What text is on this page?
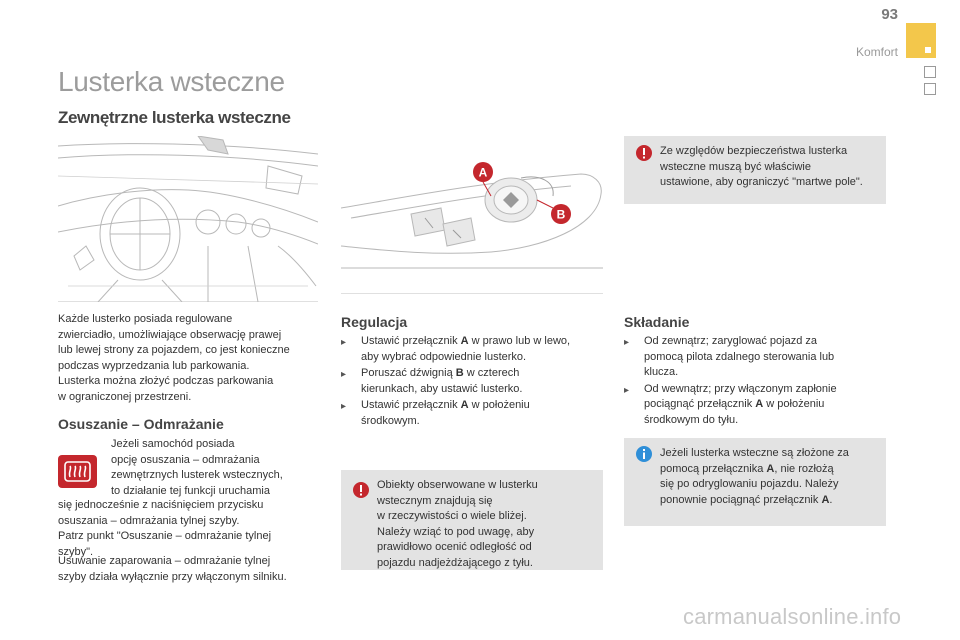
93
Komfort
Lusterka wsteczne
Zewnętrzne lusterka wsteczne
A
B
Każde lusterko posiada regulowane
zwierciadło, umożliwiające obserwację prawej
lub lewej strony za pojazdem, co jest konieczne
podczas wyprzedzania lub parkowania.
Lusterka można złożyć podczas parkowania
w ograniczonej przestrzeni.
Osuszanie – Odmrażanie
Jeżeli samochód posiada
opcję osuszania – odmrażania
zewnętrznych lusterek wstecznych,
to działanie tej funkcji uruchamia
się jednocześnie z naciśnięciem przycisku
osuszania – odmrażania tylnej szyby.
Patrz punkt "Osuszanie – odmrażanie tylnej
szyby".
Usuwanie zaparowania – odmrażanie tylnej
szyby działa wyłącznie przy włączonym silniku.
Regulacja
▸ Ustawić przełącznik A w prawo lub w lewo,
aby wybrać odpowiednie lusterko.
▸ Poruszać dźwignią B w czterech
kierunkach, aby ustawić lusterko.
▸ Ustawić przełącznik A w położeniu
środkowym.
Składanie
▸ Od zewnątrz; zaryglować pojazd za
pomocą pilota zdalnego sterowania lub
klucza.
▸ Od wewnątrz; przy włączonym zapłonie
pociągnąć przełącznik A w położeniu
środkowym do tyłu.
Ze względów bezpieczeństwa lusterka
wsteczne muszą być właściwie
ustawione, aby ograniczyć "martwe pole".
Obiekty obserwowane w lusterku
wstecznym znajdują się
w rzeczywistości o wiele bliżej.
Należy wziąć to pod uwagę, aby
prawidłowo ocenić odległość od
pojazdu nadjeżdżającego z tyłu.
Jeżeli lusterka wsteczne są złożone za
pomocą przełącznika A, nie rozłożą
się po odryglowaniu pojazdu. Należy
ponownie pociągnąć przełącznik A.
carmanualsonline.info
